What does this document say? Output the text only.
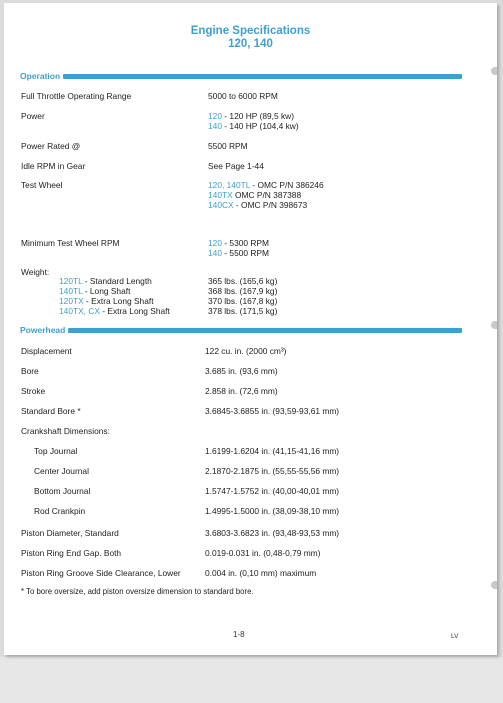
Engine Specifications
120, 140
Operation
Full Throttle Operating Range	5000 to 6000 RPM
Power	120 - 120 HP (89,5 kw)
140 - 140 HP (104,4 kw)
Power Rated @	5500 RPM
Idle RPM in Gear	See Page 1-44
Test Wheel	120, 140TL - OMC P/N 386246
140TX OMC P/N 387388
140CX - OMC P/N 398673
Minimum Test Wheel RPM	120 - 5300 RPM
140 - 5500 RPM
Weight:
120TL - Standard Length	365 lbs. (165,6 kg)
140TL - Long Shaft	368 lbs. (167,9 kg)
120TX - Extra Long Shaft	370 lbs. (167,8 kg)
140TX, CX - Extra Long Shaft	378 lbs. (171,5 kg)
Powerhead
Displacement	122 cu. in. (2000 cm³)
Bore	3.685 in. (93,6 mm)
Stroke	2.858 in. (72,6 mm)
Standard Bore *	3.6845-3.6855 in. (93,59-93,61 mm)
Crankshaft Dimensions:
Top Journal	1.6199-1.6204 in. (41,15-41,16 mm)
Center Journal	2.1870-2.1875 in. (55,55-55,56 mm)
Bottom Journal	1.5747-1.5752 in. (40,00-40,01 mm)
Rod Crankpin	1.4995-1.5000 in. (38,09-38,10 mm)
Piston Diameter, Standard	3.6803-3.6823 in. (93,48-93,53 mm)
Piston Ring End Gap. Both	0.019-0.031 in. (0,48-0,79 mm)
Piston Ring Groove Side Clearance, Lower	0.004 in. (0,10 mm) maximum
* To bore oversize, add piston oversize dimension to standard bore.
1-8	LV
